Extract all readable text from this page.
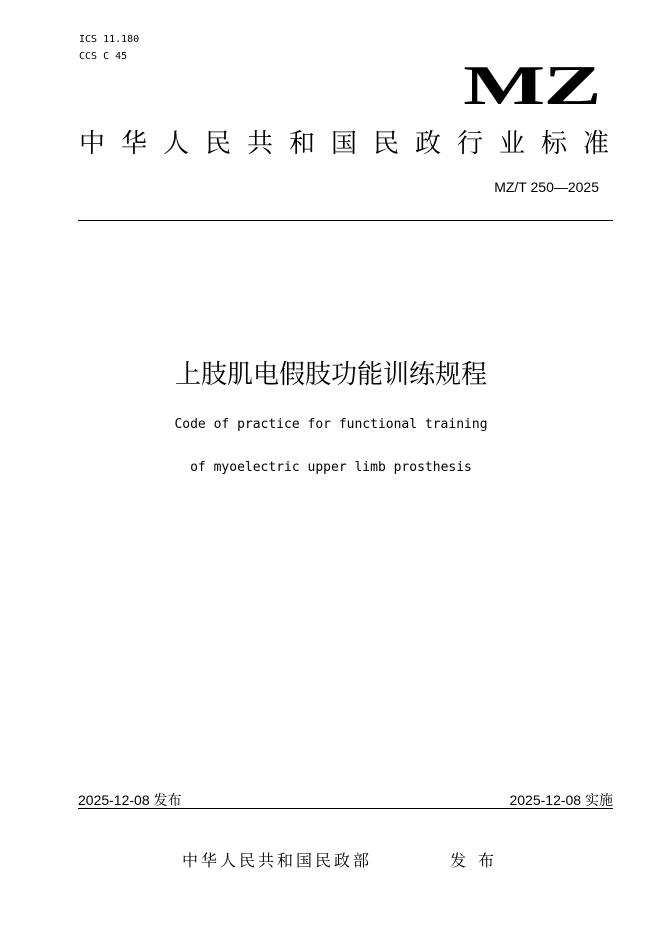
ICS 11.180
CCS C 45	MZ
中华人民共和国民政行业标准
MZ/T 250—2025
上肢肌电假肢功能训练规程
Code of practice for functional training
of myoelectric upper limb prosthesis
2025-12-08 发布	2025-12-08 实施
中华人民共和国民政部	发布
